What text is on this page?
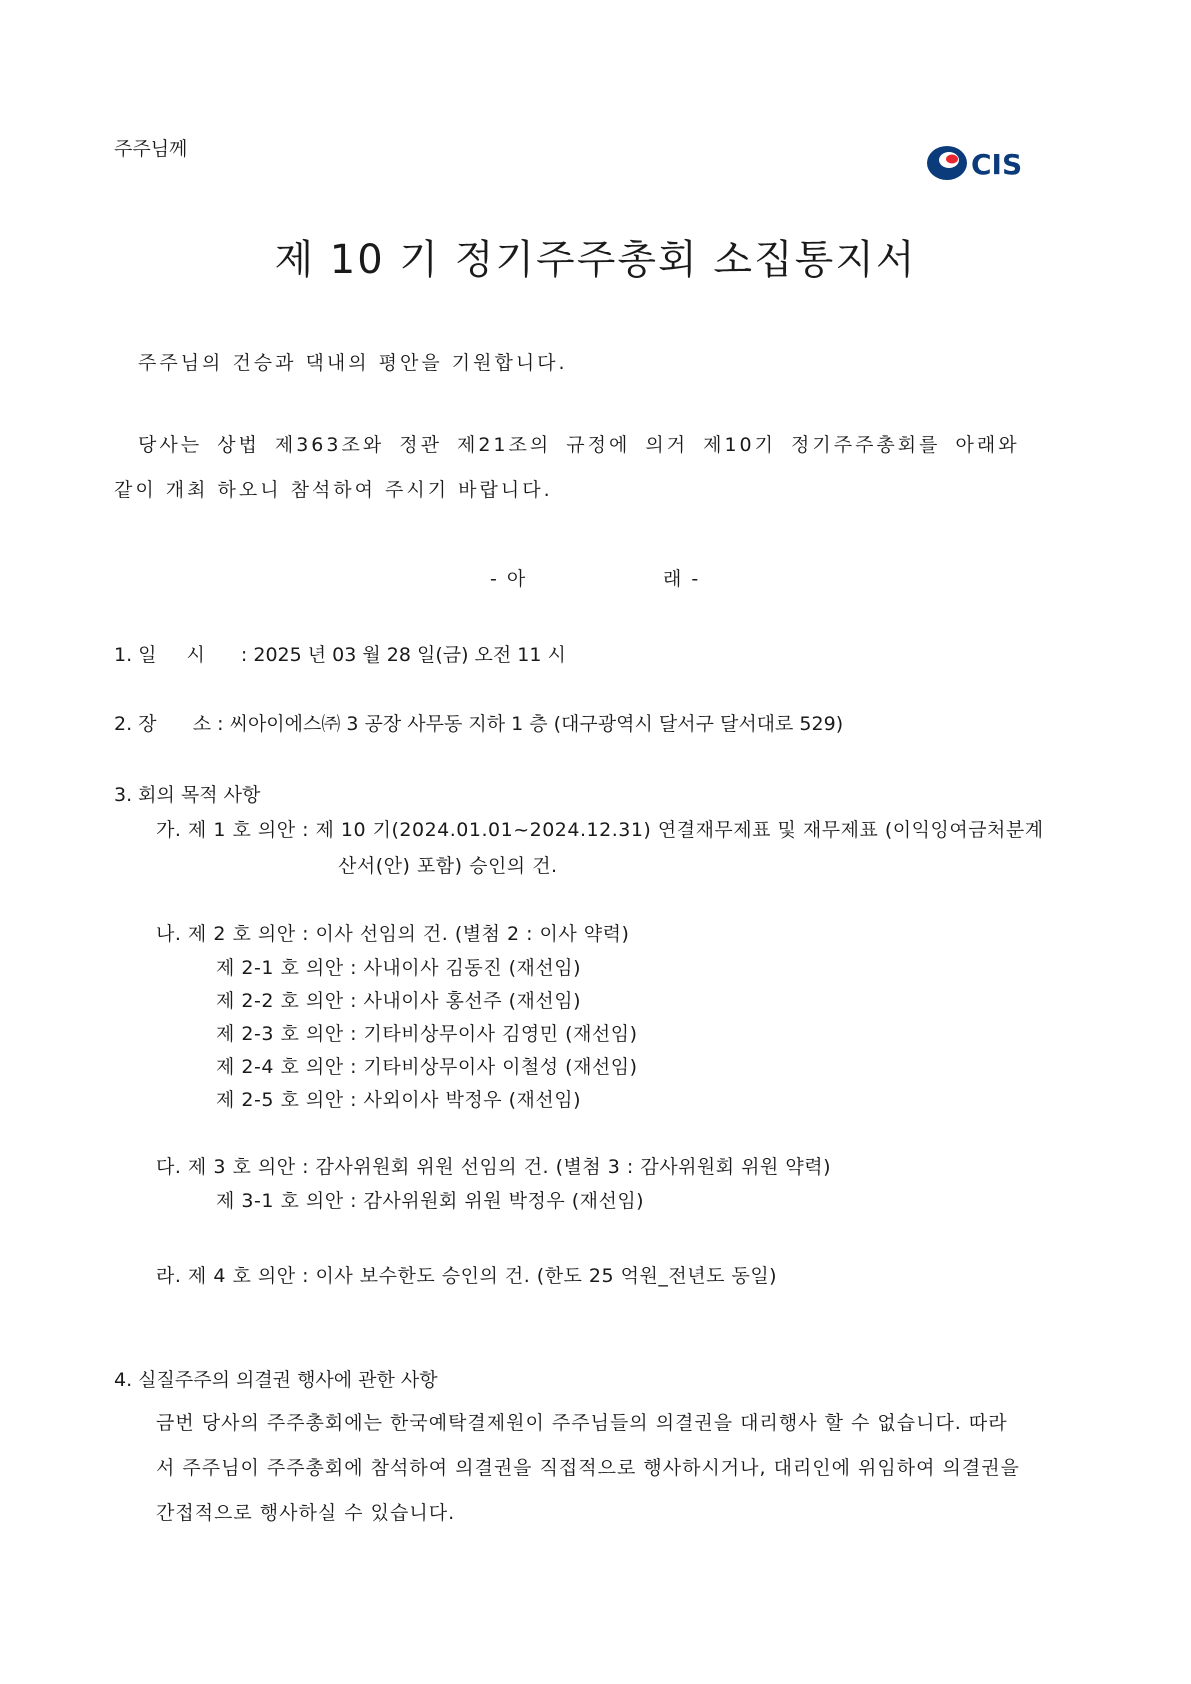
주주님께	CIS
제 10 기 정기주주총회 소집통지서
주주님의 건승과 댁내의 평안을 기원합니다.
당사는 상법 제363조와 정관 제21조의 규정에 의거 제10기 정기주주총회를 아래와
같이 개최 하오니 참석하여 주시기 바랍니다.
- 아	래 -
1. 일시 : 2025 년 03 월 28 일(금) 오전 11 시
2. 장      소 : 씨아이에스㈜ 3 공장 사무동 지하 1 층 (대구광역시 달서구 달서대로 529)
3. 회의 목적 사항
가. 제 1 호 의안 : 제 10 기(2024.01.01~2024.12.31) 연결재무제표 및 재무제표 (이익잉여금처분계
산서(안) 포함) 승인의 건.
나. 제 2 호 의안 : 이사 선임의 건. (별첨 2 : 이사 약력)
제 2-1 호 의안 : 사내이사 김동진 (재선임)
제 2-2 호 의안 : 사내이사 홍선주 (재선임)
제 2-3 호 의안 : 기타비상무이사 김영민 (재선임)
제 2-4 호 의안 : 기타비상무이사 이철성 (재선임)
제 2-5 호 의안 : 사외이사 박정우 (재선임)
다. 제 3 호 의안 : 감사위원회 위원 선임의 건. (별첨 3 : 감사위원회 위원 약력)
제 3-1 호 의안 : 감사위원회 위원 박정우 (재선임)
라. 제 4 호 의안 : 이사 보수한도 승인의 건. (한도 25 억원_전년도 동일)
4. 실질주주의 의결권 행사에 관한 사항
금번 당사의 주주총회에는 한국예탁결제원이 주주님들의 의결권을 대리행사 할 수 없습니다. 따라
서 주주님이 주주총회에 참석하여 의결권을 직접적으로 행사하시거나, 대리인에 위임하여 의결권을
간접적으로 행사하실 수 있습니다.
